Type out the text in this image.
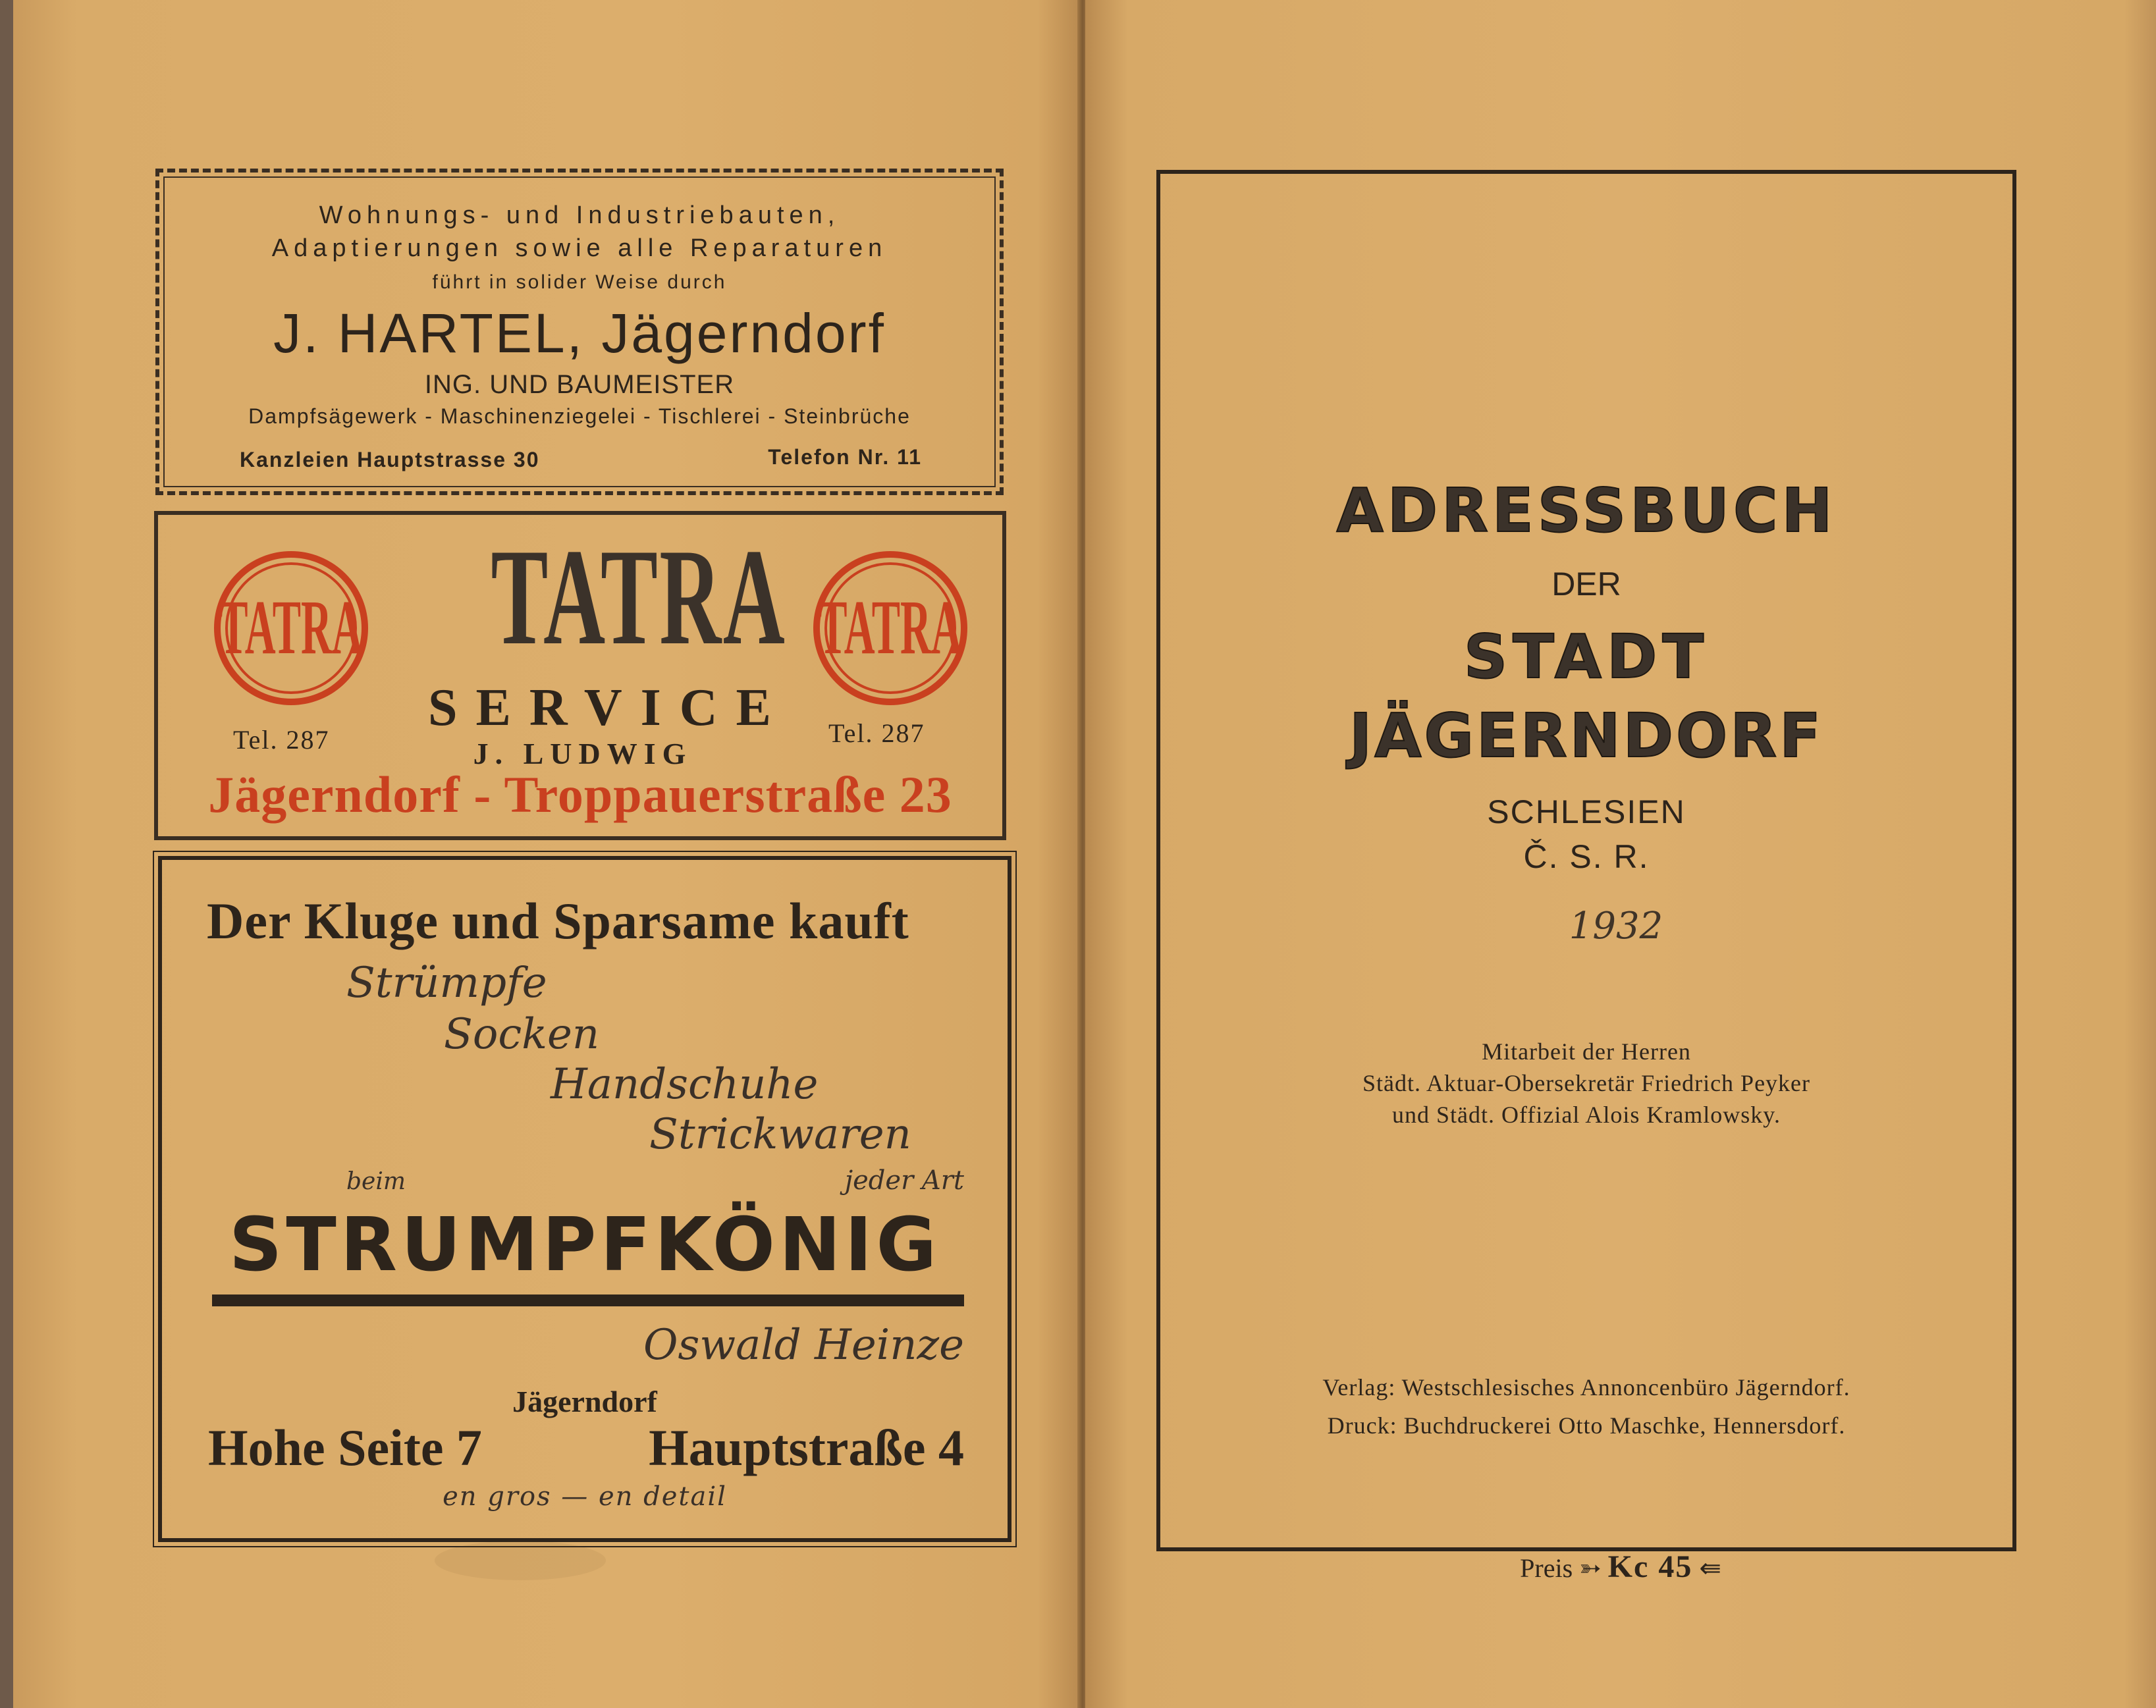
Wohnungs- und Industriebauten,
Adaptierungen sowie alle Reparaturen
führt in solider Weise durch
J. HARTEL, Jägerndorf
ING. UND BAUMEISTER
Dampfsägewerk - Maschinenziegelei - Tischlerei - Steinbrüche
Kanzleien Hauptstrasse 30	Telefon Nr. 11
TATRA	TATRA
Tel. 287	Tel. 287
TATRA
SERVICE
J. LUDWIG
Jägerndorf - Troppauerstraße 23
Der Kluge und Sparsame kauft
Strümpfe
Socken
Handschuhe
Strickwaren
beim	jeder Art
STRUMPFKÖNIG
Oswald Heinze
Jägerndorf
Hohe Seite 7	Hauptstraße 4
en gros — en detail
ADRESSBUCH
DER
STADT
JÄGERNDORF
SCHLESIEN
Č. S. R.
1932
Mitarbeit der Herren
Städt. Aktuar-Obersekretär Friedrich Peyker
und Städt. Offizial Alois Kramlowsky.
Verlag: Westschlesisches Annoncenbüro Jägerndorf.
Druck: Buchdruckerei Otto Maschke, Hennersdorf.
Preis ➳ Kc 45 ⇚
